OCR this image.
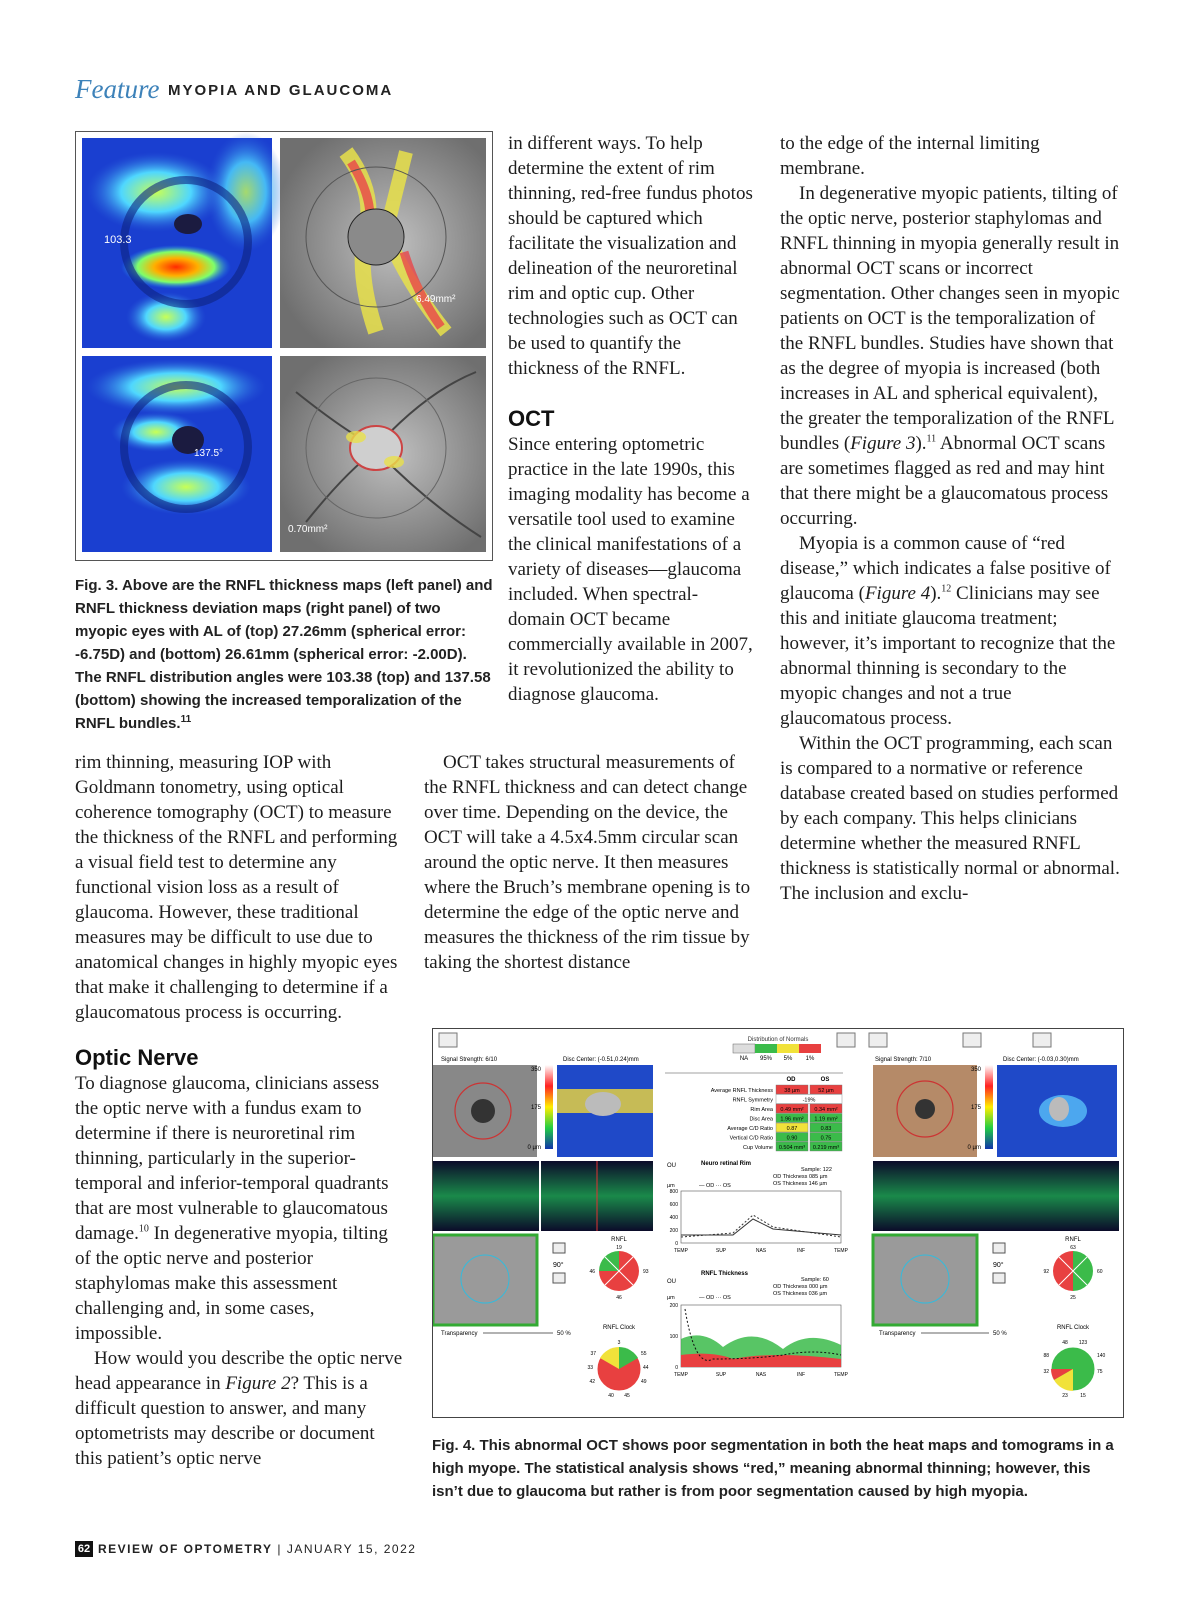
Feature MYOPIA AND GLAUCOMA
103.3
6.49mm²
137.5°
0.70mm²
Fig. 3. Above are the RNFL thickness maps (left panel) and RNFL thickness deviation maps (right panel) of two myopic eyes with AL of (top) 27.26mm (spherical error: -6.75D) and (bottom) 26.61mm (spherical error: -2.00D). The RNFL distribution angles were 103.38 (top) and 137.58 (bottom) showing the increased temporalization of the RNFL bundles.$^{11}$

rim thinning, measuring IOP with Goldmann tonometry, using optical coherence tomography (OCT) to measure the thickness of the RNFL and performing a visual field test to determine any functional vision loss as a result of glaucoma. However, these traditional measures may be difficult to use due to anatomical changes in highly myopic eyes that make it challenging to determine if a glaucomatous process is occurring.

Optic Nerve

To diagnose glaucoma, clinicians assess the optic nerve with a fundus exam to determine if there is neuroretinal rim thinning, particularly in the superior-temporal and inferior-temporal quadrants that are most vulnerable to glaucomatous damage.$^{10}$ In degenerative myopia, tilting of the optic nerve and posterior staphylomas make this assessment challenging and, in some cases, impossible.

How would you describe the optic nerve head appearance in Figure 2? This is a difficult question to answer, and many optometrists may describe or document this patient’s optic nerve

in different ways. To help determine the extent of rim thinning, red-free fundus photos should be captured which facilitate the visualization and delineation of the neuroretinal rim and optic cup. Other technologies such as OCT can be used to quantify the thickness of the RNFL.

OCT

Since entering optometric practice in the late 1990s, this imaging modality has become a versatile tool used to examine the clinical manifestations of a variety of diseases—glaucoma included. When spectral-domain OCT became commercially available in 2007, it revolutionized the ability to diagnose glaucoma.

OCT takes structural measurements of the RNFL thickness and can detect change over time. Depending on the device, the OCT will take a 4.5x4.5mm circular scan around the optic nerve. It then measures where the Bruch’s membrane opening is to determine the edge of the optic nerve and measures the thickness of the rim tissue by taking the shortest distance

to the edge of the internal limiting membrane.

In degenerative myopic patients, tilting of the optic nerve, posterior staphylomas and RNFL thinning in myopia generally result in abnormal OCT scans or incorrect segmentation. Other changes seen in myopic patients on OCT is the temporalization of the RNFL bundles. Studies have shown that as the degree of myopia is increased (both increases in AL and spherical equivalent), the greater the temporalization of the RNFL bundles (Figure 3).$^{11}$ Abnormal OCT scans are sometimes flagged as red and may hint that there might be a glaucomatous process occurring.

Myopia is a common cause of “red disease,” which indicates a false positive of glaucoma (Figure 4).$^{12}$ Clinicians may see this and initiate glaucoma treatment; however, it’s important to recognize that the abnormal thinning is secondary to the myopic changes and not a true glaucomatous process.

Within the OCT programming, each scan is compared to a normative or reference database created based on studies performed by each company. This helps clinicians determine whether the measured RNFL thickness is statistically normal or abnormal. The inclusion and exclu-

Distribution of Normals
NA 95% 5% 1%
Signal Strength: 6/10	Disc Center: (-0.51,0.24)mm
350
175
0 µm
Transparency	50 %
90°
RNFL
19
46	93
46
RNFL Clock
3
37	55
44
33
49
42
40 45
OD	OS
Average RNFL Thickness 38 µm	52 µm
RNFL Symmetry	-19%
Rim Area 0.49 mm² 0.34 mm²
Disc Area 1.96 mm² 1.19 mm²
Average C/D Ratio 0.87	0.83
Vertical C/D Ratio 0.90	0.75
Cup Volume 0.504 mm³ 0.219 mm³
OU	Neuro retinal Rim
Sample: 122
OD Thickness 085 µm
OS Thickness 146 µm
µm	— OD ··· OS
800
600
400
200
0
TEMP	SUP	NAS	INF	TEMP
OU
RNFL Thickness
Sample: 60
OD Thickness 000 µm
OS Thickness 036 µm
µm	— OD ··· OS
200
100
0
TEMP	SUP	NAS	INF	TEMP
Signal Strength: 7/10	Disc Center: (-0.03,0.30)mm
350
175
0 µm
Transparency	50 %
90°
RNFL
63
92	60
25
RNFL Clock
48 123
88	140
32	75
23 15
Fig. 4. This abnormal OCT shows poor segmentation in both the heat maps and tomograms in a high myope. The statistical analysis shows “red,” meaning abnormal thinning; however, this isn’t due to glaucoma but rather is from poor segmentation caused by high myopia.
62 REVIEW OF OPTOMETRY | JANUARY 15, 2022
